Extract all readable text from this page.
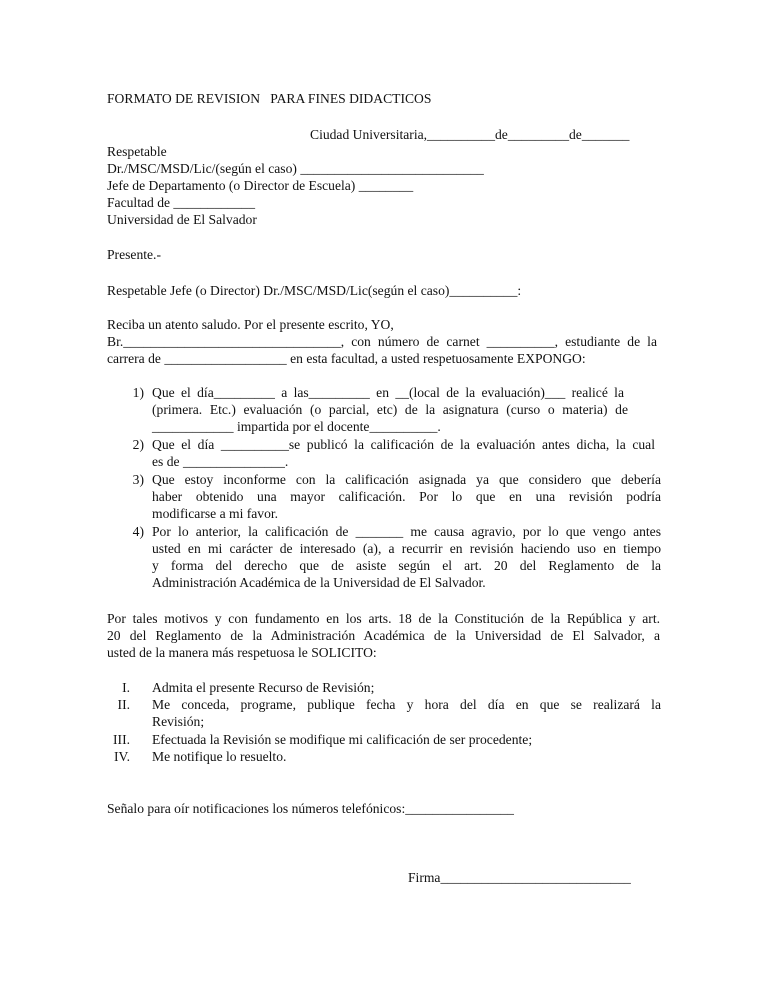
FORMATO DE REVISION   PARA FINES DIDACTICOS
Ciudad Universitaria,__________de_________de_______
Respetable
Dr./MSC/MSD/Lic/(según el caso) ___________________________
Jefe de Departamento (o Director de Escuela) ________
Facultad de ____________
Universidad de El Salvador
Presente.-
Respetable Jefe (o Director) Dr./MSC/MSD/Lic(según el caso)__________:
Reciba un atento saludo. Por el presente escrito, YO,
Br.________________________________, con número de carnet __________, estudiante de la
carrera de __________________ en esta facultad, a usted respetuosamente EXPONGO:
1) Que el día_________ a las_________ en __(local de la evaluación)___ realicé la
(primera. Etc.) evaluación (o parcial, etc) de la asignatura (curso o materia) de
____________ impartida por el docente__________.
2) Que el día __________se publicó la calificación de la evaluación antes dicha, la cual
es de _______________.
3) Que estoy inconforme con la calificación asignada ya que considero que debería
haber obtenido una mayor calificación. Por lo que en una revisión podría
modificarse a mi favor.
4) Por lo anterior, la calificación de _______ me causa agravio, por lo que vengo antes
usted en mi carácter de interesado (a), a recurrir en revisión haciendo uso en tiempo
y forma del derecho que de asiste según el art. 20 del Reglamento de la
Administración Académica de la Universidad de El Salvador.
Por tales motivos y con fundamento en los arts. 18 de la Constitución de la República y art.
20 del Reglamento de la Administración Académica de la Universidad de El Salvador, a
usted de la manera más respetuosa le SOLICITO:
I. Admita el presente Recurso de Revisión;
II. Me conceda, programe, publique fecha y hora del día en que se realizará la
Revisión;
III. Efectuada la Revisión se modifique mi calificación de ser procedente;
IV. Me notifique lo resuelto.
Señalo para oír notificaciones los números telefónicos:________________
Firma____________________________
